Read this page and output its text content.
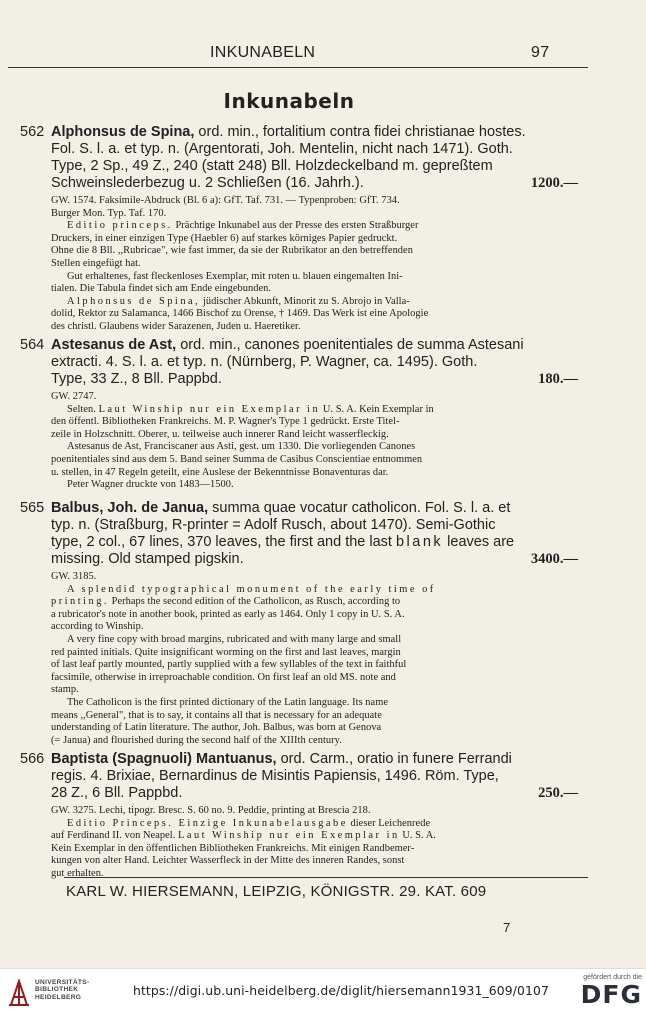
INKUNABELN	97
Inkunabeln
562 Alphonsus de Spina, ord. min., fortalitium contra fidei christianae hostes.
Fol. S. l. a. et typ. n. (Argentorati, Joh. Mentelin, nicht nach 1471). Goth.
Type, 2 Sp., 49 Z., 240 (statt 248) Bll. Holzdeckelband m. gepreßtem
Schweinslederbezug u. 2 Schließen (16. Jahrh.).	1200.—

GW. 1574. Faksimile-Abdruck (Bl. 6 a): GfT. Taf. 731. — Typenproben: GfT. 734.

Burger Mon. Typ. Taf. 170.

Editio princeps. Prächtige Inkunabel aus der Presse des ersten Straßburger

Druckers, in einer einzigen Type (Haebler 6) auf starkes körniges Papier gedruckt.

Ohne die 8 Bll. ,,Rubricae", wie fast immer, da sie der Rubrikator an den betreffenden

Stellen eingefügt hat.

Gut erhaltenes, fast fleckenloses Exemplar, mit roten u. blauen eingemalten Ini-

tialen. Die Tabula findet sich am Ende eingebunden.

Alphonsus de Spina, jüdischer Abkunft, Minorit zu S. Abrojo in Valla-

dolid, Rektor zu Salamanca, 1466 Bischof zu Orense, † 1469. Das Werk ist eine Apologie

des christl. Glaubens wider Sarazenen, Juden u. Haeretiker.

564 Astesanus de Ast, ord. min., canones poenitentiales de summa Astesani
extracti. 4. S. l. a. et typ. n. (Nürnberg, P. Wagner, ca. 1495). Goth.
Type, 33 Z., 8 Bll. Pappbd.	180.—

GW. 2747.

Selten. Laut Winship nur ein Exemplar in U. S. A. Kein Exemplar in

den öffentl. Bibliotheken Frankreichs. M. P. Wagner's Type 1 gedrückt. Erste Titel-

zeile in Holzschnitt. Oberer, u. teilweise auch innerer Rand leicht wasserfleckig.

Astesanus de Ast, Franciscaner aus Asti, gest. um 1330. Die vorliegenden Canones

poenitentiales sind aus dem 5. Band seiner Summa de Casibus Conscientiae entnommen

u. stellen, in 47 Regeln geteilt, eine Auslese der Bekenntnisse Bonaventuras dar.

Peter Wagner druckte von 1483—1500.

565 Balbus, Joh. de Janua, summa quae vocatur catholicon. Fol. S. l. a. et
typ. n. (Straßburg, R-printer = Adolf Rusch, about 1470). Semi-Gothic
type, 2 col., 67 lines, 370 leaves, the first and the last blank leaves are
missing. Old stamped pigskin.	3400.—

GW. 3185.

A splendid typographical monument of the early time of

printing. Perhaps the second edition of the Catholicon, as Rusch, according to

a rubricator's note in another book, printed as early as 1464. Only 1 copy in U. S. A.

according to Winship.

A very fine copy with broad margins, rubricated and with many large and small

red painted initials. Quite insignificant worming on the first and last leaves, margin

of last leaf partly mounted, partly supplied with a few syllables of the text in faithful

facsimile, otherwise in irreproachable condition. On first leaf an old MS. note and

stamp.

The Catholicon is the first printed dictionary of the Latin language. Its name

means ,,General", that is to say, it contains all that is necessary for an adequate

understanding of Latin literature. The author, Joh. Balbus, was born at Genova

(= Janua) and flourished during the second half of the XIIIth century.

566 Baptista (Spagnuoli) Mantuanus, ord. Carm., oratio in funere Ferrandi
regis. 4. Brixiae, Bernardinus de Misintis Papiensis, 1496. Röm. Type,
28 Z., 6 Bll. Pappbd.	250.—

GW. 3275. Lechi, tipogr. Bresc. S. 60 no. 9. Peddie, printing at Brescia 218.

Editio Princeps. Einzige Inkunabelausgabe dieser Leichenrede

auf Ferdinand II. von Neapel. Laut Winship nur ein Exemplar in U. S. A.

Kein Exemplar in den öffentlichen Bibliotheken Frankreichs. Mit einigen Randbemer-

kungen von alter Hand. Leichter Wasserfleck in der Mitte des inneren Randes, sonst

gut erhalten.

KARL W. HIERSEMANN, LEIPZIG, KÖNIGSTR. 29. KAT. 609
7
UNIVERSITÄTS-
BIBLIOTHEK
HEIDELBERG	https://digi.ub.uni-heidelberg.de/diglit/hiersemann1931_609/0107
gefördert durch die
DFG
